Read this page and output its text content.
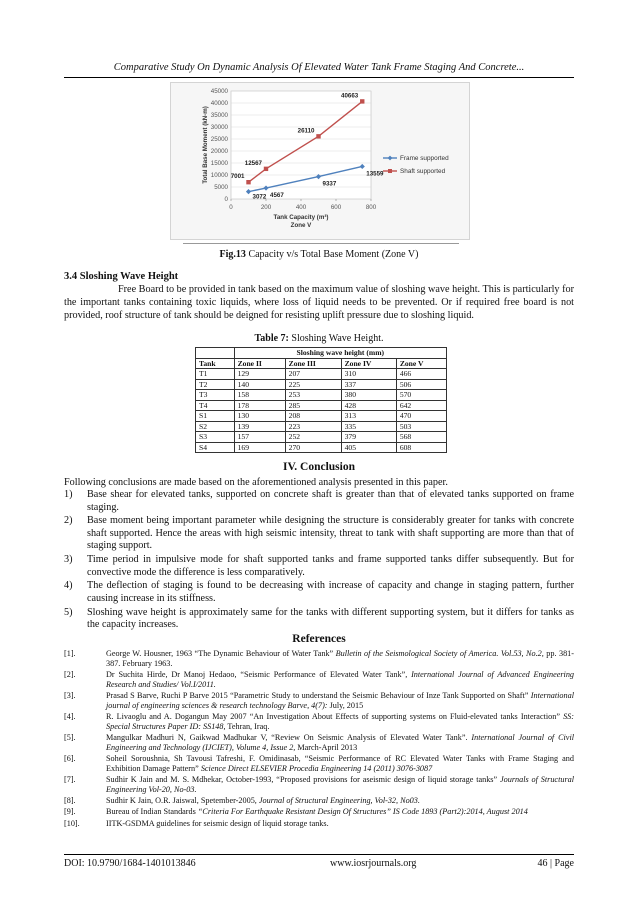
Comparative Study On Dynamic Analysis Of Elevated Water Tank Frame Staging And Concrete...
0
5000
10000
15000
20000
25000
30000
35000
40000
45000
0	200	400	600	800
Total Base Moment (kN-m)
Tank Capacity (m³)
Zone V
3072 4567
9337
13559
Frame supported
7001
12567
26110
40663
Shaft supported
Fig.13 Capacity v/s Total Base Moment (Zone V)
3.4 Sloshing Wave Height
Free Board to be provided in tank based on the maximum value of sloshing wave height. This is particularly for the important tanks containing toxic liquids, where loss of liquid needs to be prevented. Or if required free board is not provided, roof structure of tank should be deigned for resisting uplift pressure due to sloshing liquid.
Table 7: Sloshing Wave Height.
	Sloshing wave height (mm)			
Tank	Zone II	Zone III	Zone IV	Zone V
T1	129	207	310	466
T2	140	225	337	506
T3	158	253	380	570
T4	178	285	428	642
S1	130	208	313	470
S2	139	223	335	503
S3	157	252	379	568
S4	169	270	405	608
IV. Conclusion
Following conclusions are made based on the aforementioned analysis presented in this paper.
1)	Base shear for elevated tanks, supported on concrete shaft is greater than that of elevated tanks supported on frame staging.
2)	Base moment being important parameter while designing the structure is considerably greater for tanks with concrete shaft supported. Hence the areas with high seismic intensity, threat to tank with shaft supporting are more than that of staging support.
3)	Time period in impulsive mode for shaft supported tanks and frame supported tanks differ subsequently. But for convective mode the difference is less comparatively.
4)	The deflection of staging is found to be decreasing with increase of capacity and change in staging pattern, further causing increase in its stiffness.
5)	Sloshing wave height is approximately same for the tanks with different supporting system, but it differs for tanks as the capacity increases.
References
[1].	George W. Housner, 1963 “The Dynamic Behaviour of Water Tank” Bulletin of the Seismological Society of America. Vol.53, No.2, pp. 381-387. February 1963.
[2].	Dr Suchita Hirde, Dr Manoj Hedaoo, “Seismic Performance of Elevated Water Tank”, International Journal of Advanced Engineering Research and Studies/ Vol.I/2011.
[3].	Prasad S Barve, Ruchi P Barve 2015 “Parametric Study to understand the Seismic Behaviour of Inze Tank Supported on Shaft” International journal of engineering sciences & research technology Barve, 4(7): July, 2015
[4].	R. Livaoglu and A. Dogangun May 2007 “An Investigation About Effects of supporting systems on Fluid-elevated tanks Interaction” SS: Special Structures Paper ID: SS148, Tehran, Iraq.
[5].	Mangulkar Madhuri N, Gaikwad Madhukar V, “Review On Seismic Analysis of Elevated Water Tank”. International Journal of Civil Engineering and Technology (IJCIET), Volume 4, Issue 2, March-April 2013
[6].	Soheil Soroushnia, Sh Tavousi Tafreshi, F. Omidinasab, “Seismic Performance of RC Elevated Water Tanks with Frame Staging and Exhibition Damage Pattern” Science Direct ELSEVIER Procedia Engineering 14 (2011) 3076-3087
[7].	Sudhir K Jain and M. S. Mdhekar, October-1993, “Proposed provisions for aseismic design of liquid storage tanks” Journals of Structural Engineering Vol-20, No-03.
[8].	Sudhir K Jain, O.R. Jaiswal, Spetember-2005, Journal of Structural Engineering, Vol-32, No03.
[9].	Bureau of Indian Standards “Criteria For Earthquake Resistant Design Of Structures” IS Code 1893 (Part2):2014, August 2014
[10].	IITK-GSDMA guidelines for seismic design of liquid storage tanks.
DOI: 10.9790/1684-1401013846	www.iosrjournals.org	46 | Page
